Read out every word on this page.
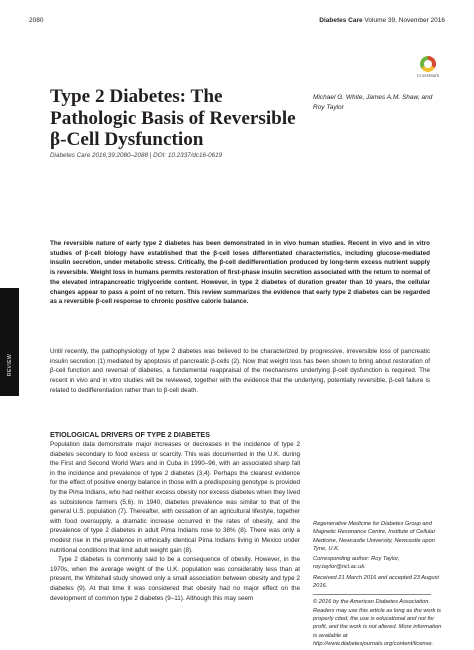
2080	Diabetes Care Volume 39, November 2016
CrossMark
Type 2 Diabetes: The Pathologic Basis of Reversible β-Cell Dysfunction
Diabetes Care 2016;39:2080–2088 | DOI: 10.2337/dc16-0619
Michael G. White, James A.M. Shaw, and Roy Taylor

The reversible nature of early type 2 diabetes has been demonstrated in in vivo human studies. Recent in vivo and in vitro studies of β-cell biology have established that the β-cell loses differentiated characteristics, including glucose-mediated insulin secretion, under metabolic stress. Critically, the β-cell dedifferentiation produced by long-term excess nutrient supply is reversible. Weight loss in humans permits restoration of first-phase insulin secretion associated with the return to normal of the elevated intrapancreatic triglyceride content. However, in type 2 diabetes of duration greater than 10 years, the cellular changes appear to pass a point of no return. This review summarizes the evidence that early type 2 diabetes can be regarded as a reversible β-cell response to chronic positive calorie balance.

REVIEW

Until recently, the pathophysiology of type 2 diabetes was believed to be characterized by progressive, irreversible loss of pancreatic insulin secretion (1) mediated by apoptosis of pancreatic β-cells (2). Now that weight loss has been shown to bring about restoration of β-cell function and reversal of diabetes, a fundamental reappraisal of the mechanisms underlying β-cell dysfunction is required. The recent in vivo and in vitro studies will be reviewed, together with the evidence that the underlying, potentially reversible, β-cell failure is related to dedifferentiation rather than to β-cell death.

ETIOLOGICAL DRIVERS OF TYPE 2 DIABETES

Population data demonstrate major increases or decreases in the incidence of type 2 diabetes secondary to food excess or scarcity. This was documented in the U.K. during the First and Second World Wars and in Cuba in 1990–96, with an associated sharp fall in the incidence and prevalence of type 2 diabetes (3,4). Perhaps the clearest evidence for the effect of positive energy balance in those with a predisposing genotype is provided by the Pima Indians, who had neither excess obesity nor excess diabetes when they lived as subsistence farmers (5,6). In 1940, diabetes prevalence was similar to that of the general U.S. population (7). Thereafter, with cessation of an agricultural lifestyle, together with food oversupply, a dramatic increase occurred in the rates of obesity, and the prevalence of type 2 diabetes in adult Pima Indians rose to 38% (8). There was only a modest rise in the prevalence in ethnically identical Pima Indians living in Mexico under nutritional conditions that limit adult weight gain (8).

Type 2 diabetes is commonly said to be a consequence of obesity. However, in the 1970s, when the average weight of the U.K. population was considerably less than at present, the Whitehall study showed only a small association between obesity and type 2 diabetes (9). At that time it was considered that obesity had no major effect on the development of common type 2 diabetes (9–11). Although this may seem

Regenerative Medicine for Diabetes Group and Magnetic Resonance Centre, Institute of Cellular Medicine, Newcastle University, Newcastle upon Tyne, U.K.

Corresponding author: Roy Taylor, roy.taylor@ncl.ac.uk.

Received 21 March 2016 and accepted 23 August 2016.

© 2016 by the American Diabetes Association. Readers may use this article as long as the work is properly cited, the use is educational and not for profit, and the work is not altered. More information is available at http://www.diabetesjournals.org/content/license.
